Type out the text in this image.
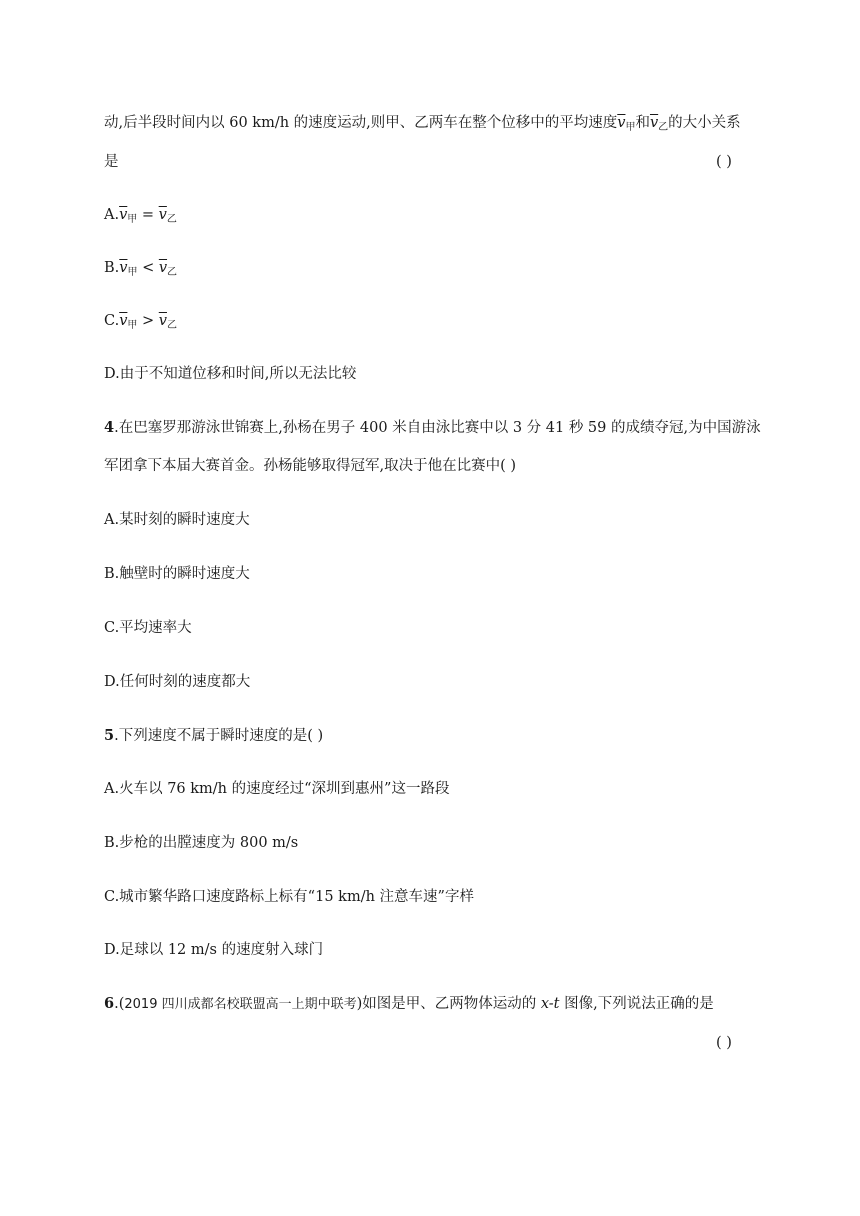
动,后半段时间内以 60 km/h 的速度运动,则甲、乙两车在整个位移中的平均速度$\overline{v}_甲$和$\overline{v}_乙$的大小关系
是	( )
$A.\overline{v}_甲 = \overline{v}_乙$
$B.\overline{v}_甲 < \overline{v}_乙$
$C.\overline{v}_甲 > \overline{v}_乙$
D.由于不知道位移和时间,所以无法比较
4.在巴塞罗那游泳世锦赛上,孙杨在男子 400 米自由泳比赛中以 3 分 41 秒 59 的成绩夺冠,为中国游泳
军团拿下本届大赛首金。孙杨能够取得冠军,取决于他在比赛中( )
A.某时刻的瞬时速度大
B.触壁时的瞬时速度大
C.平均速率大
D.任何时刻的速度都大
5.下列速度不属于瞬时速度的是( )
A.火车以 76 km/h 的速度经过“深圳到惠州”这一路段
B.步枪的出膛速度为 800 m/s
C.城市繁华路口速度路标上标有“15 km/h 注意车速”字样
D.足球以 12 m/s 的速度射入球门
6.(2019 四川成都名校联盟高一上期中联考)如图是甲、乙两物体运动的 x-t 图像,下列说法正确的是
( )
